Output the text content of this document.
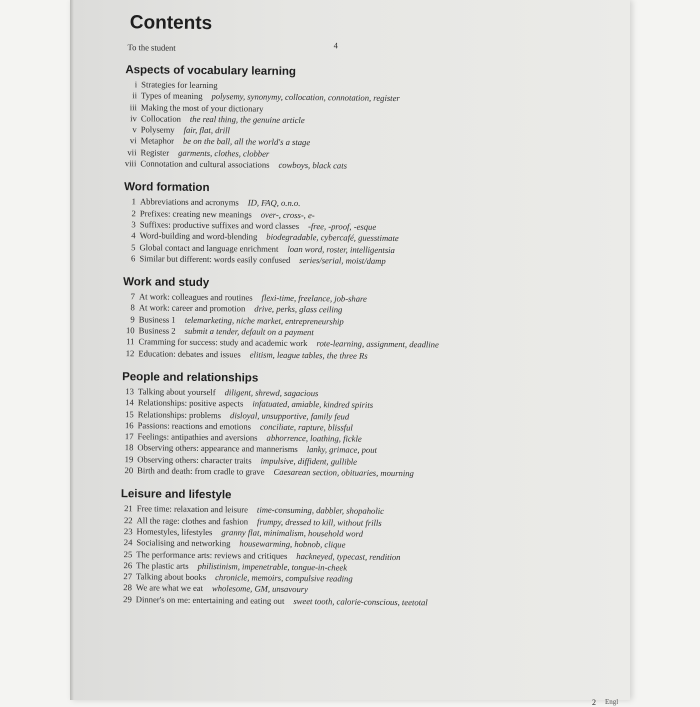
Contents
To the student	4
Aspects of vocabulary learning
i Strategies for learning
ii Types of meaning polysemy, synonymy, collocation, connotation, register
iii Making the most of your dictionary
iv Collocation the real thing, the genuine article
v Polysemy fair, flat, drill
vi Metaphor be on the ball, all the world's a stage
vii Register garments, clothes, clobber
viii Connotation and cultural associations cowboys, black cats
Word formation
1 Abbreviations and acronyms ID, FAQ, o.n.o.
2 Prefixes: creating new meanings over-, cross-, e-
3 Suffixes: productive suffixes and word classes -free, -proof, -esque
4 Word-building and word-blending biodegradable, cybercafé, guesstimate
5 Global contact and language enrichment loan word, roster, intelligentsia
6 Similar but different: words easily confused series/serial, moist/damp
Work and study
7 At work: colleagues and routines flexi-time, freelance, job-share
8 At work: career and promotion drive, perks, glass ceiling
9 Business 1 telemarketing, niche market, entrepreneurship
10 Business 2 submit a tender, default on a payment
11 Cramming for success: study and academic work rote-learning, assignment, deadline
12 Education: debates and issues elitism, league tables, the three Rs
People and relationships
13 Talking about yourself diligent, shrewd, sagacious
14 Relationships: positive aspects infatuated, amiable, kindred spirits
15 Relationships: problems disloyal, unsupportive, family feud
16 Passions: reactions and emotions conciliate, rapture, blissful
17 Feelings: antipathies and aversions abhorrence, loathing, fickle
18 Observing others: appearance and mannerisms lanky, grimace, pout
19 Observing others: character traits impulsive, diffident, gullible
20 Birth and death: from cradle to grave Caesarean section, obituaries, mourning
Leisure and lifestyle
21 Free time: relaxation and leisure time-consuming, dabbler, shopaholic
22 All the rage: clothes and fashion frumpy, dressed to kill, without frills
23 Homestyles, lifestyles granny flat, minimalism, household word
24 Socialising and networking housewarming, hobnob, clique
25 The performance arts: reviews and critiques hackneyed, typecast, rendition
26 The plastic arts philistinism, impenetrable, tongue-in-cheek
27 Talking about books chronicle, memoirs, compulsive reading
28 We are what we eat wholesome, GM, unsavoury
29 Dinner's on me: entertaining and eating out sweet tooth, calorie-conscious, teetotal
2 Engl
